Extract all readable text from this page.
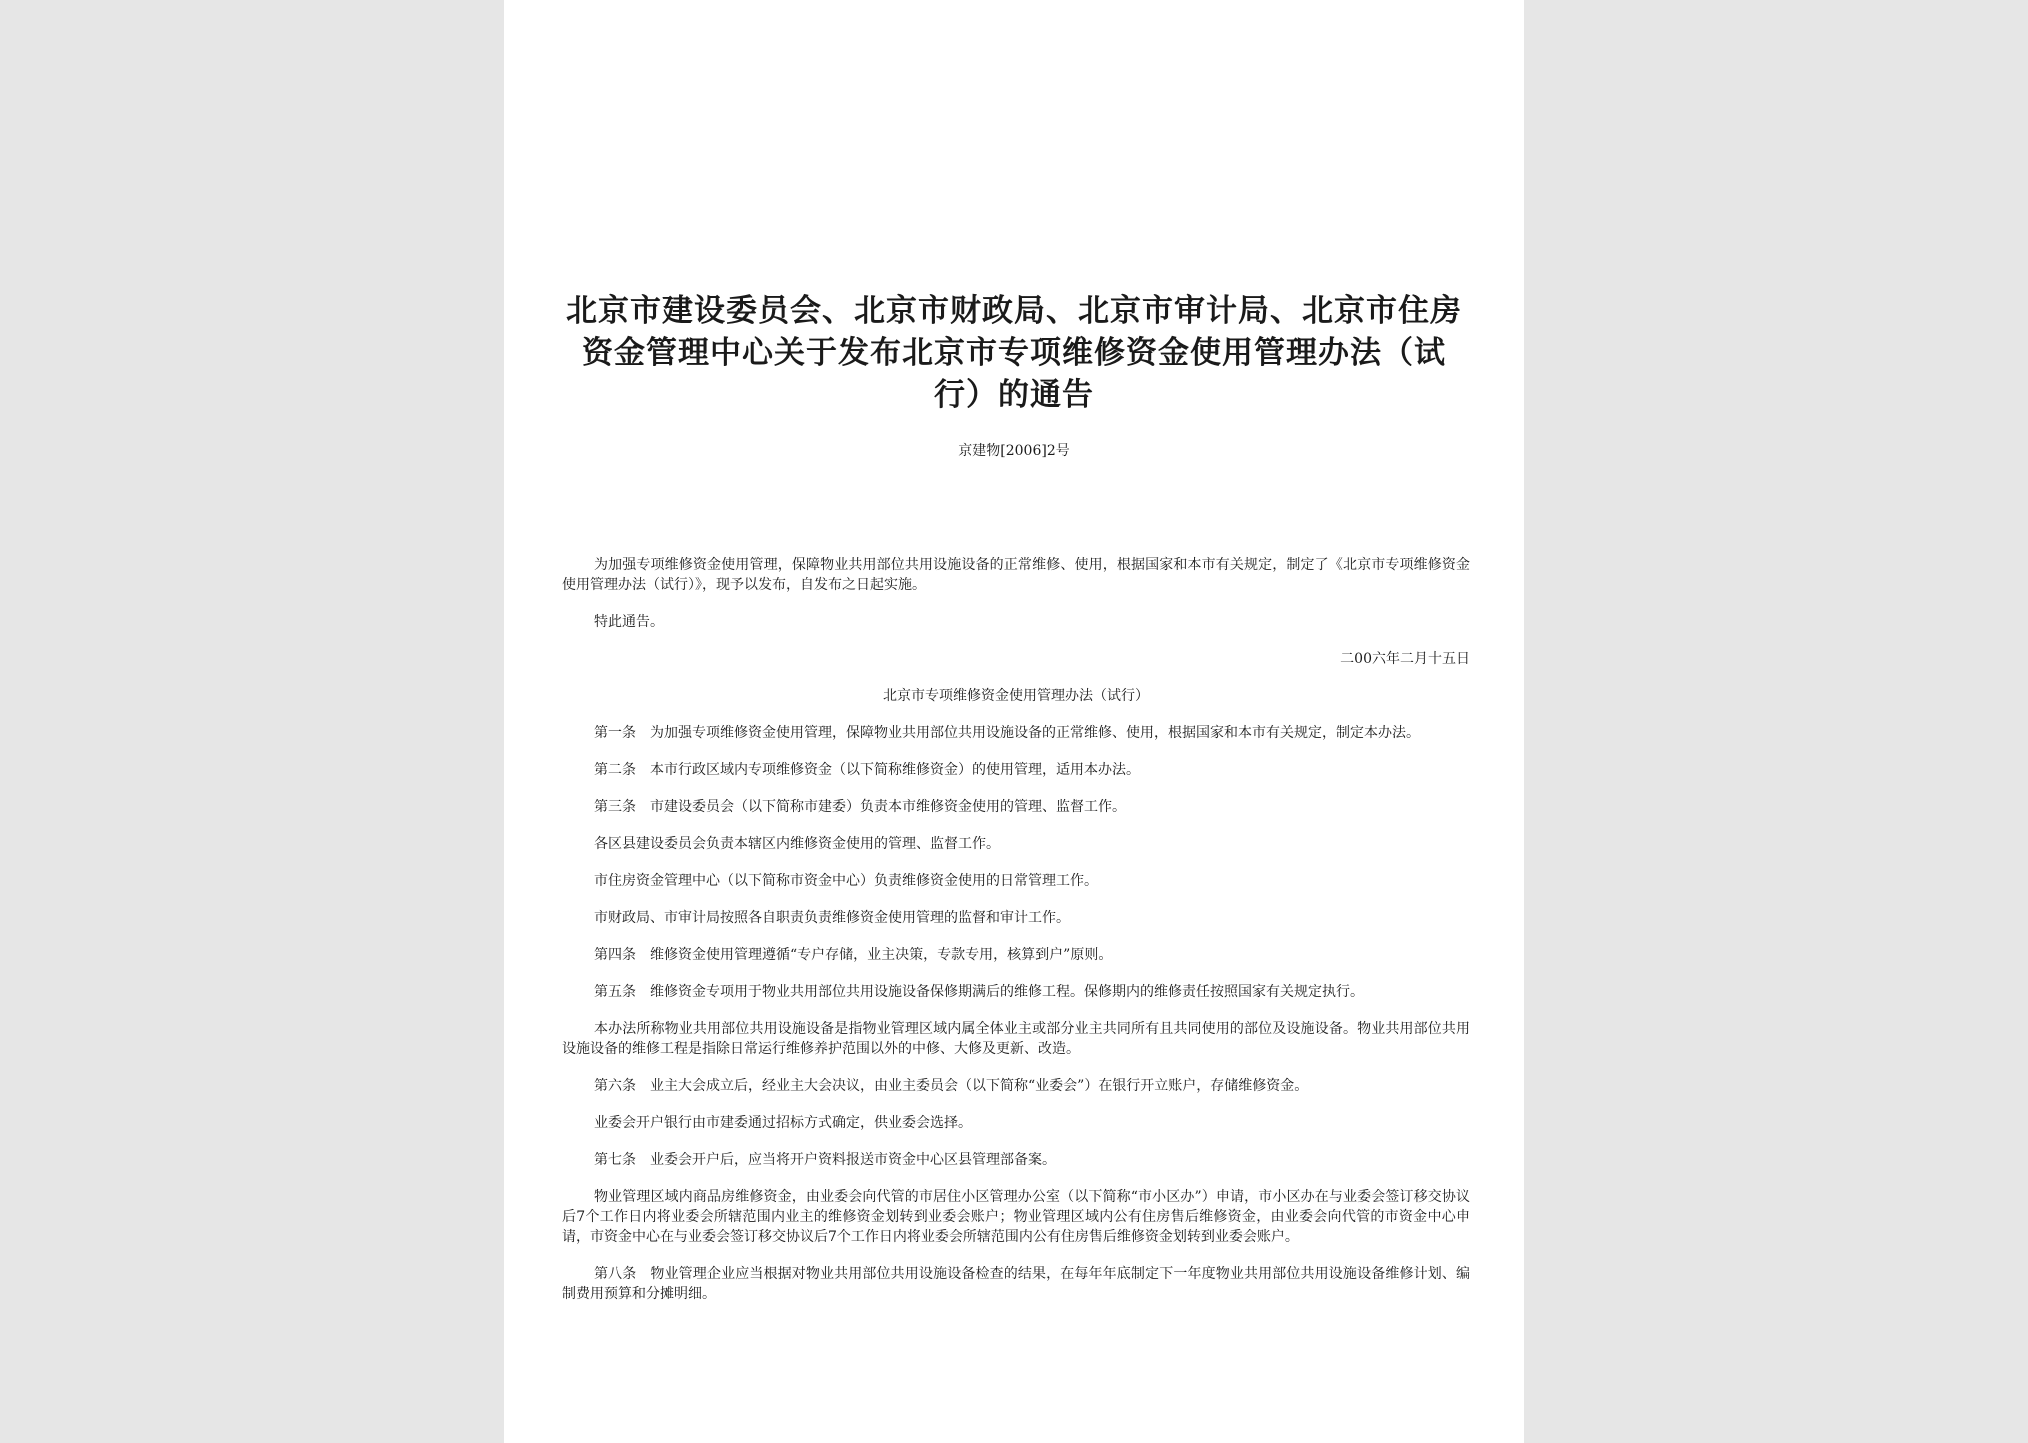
北京市建设委员会、北京市财政局、北京市审计局、北京市住房资金管理中心关于发布北京市专项维修资金使用管理办法（试行）的通告
京建物[2006]2号

为加强专项维修资金使用管理，保障物业共用部位共用设施设备的正常维修、使用，根据国家和本市有关规定，制定了《北京市专项维修资金使用管理办法（试行）》，现予以发布，自发布之日起实施。

特此通告。

二00六年二月十五日

北京市专项维修资金使用管理办法（试行）

第一条 为加强专项维修资金使用管理，保障物业共用部位共用设施设备的正常维修、使用，根据国家和本市有关规定，制定本办法。

第二条 本市行政区域内专项维修资金（以下简称维修资金）的使用管理，适用本办法。

第三条 市建设委员会（以下简称市建委）负责本市维修资金使用的管理、监督工作。

各区县建设委员会负责本辖区内维修资金使用的管理、监督工作。

市住房资金管理中心（以下简称市资金中心）负责维修资金使用的日常管理工作。

市财政局、市审计局按照各自职责负责维修资金使用管理的监督和审计工作。

第四条 维修资金使用管理遵循“专户存储，业主决策，专款专用，核算到户”原则。

第五条 维修资金专项用于物业共用部位共用设施设备保修期满后的维修工程。保修期内的维修责任按照国家有关规定执行。

本办法所称物业共用部位共用设施设备是指物业管理区域内属全体业主或部分业主共同所有且共同使用的部位及设施设备。物业共用部位共用设施设备的维修工程是指除日常运行维修养护范围以外的中修、大修及更新、改造。

第六条 业主大会成立后，经业主大会决议，由业主委员会（以下简称“业委会”）在银行开立账户，存储维修资金。

业委会开户银行由市建委通过招标方式确定，供业委会选择。

第七条 业委会开户后，应当将开户资料报送市资金中心区县管理部备案。

物业管理区域内商品房维修资金，由业委会向代管的市居住小区管理办公室（以下简称“市小区办”）申请，市小区办在与业委会签订移交协议后7个工作日内将业委会所辖范围内业主的维修资金划转到业委会账户；物业管理区域内公有住房售后维修资金，由业委会向代管的市资金中心申请，市资金中心在与业委会签订移交协议后7个工作日内将业委会所辖范围内公有住房售后维修资金划转到业委会账户。

第八条 物业管理企业应当根据对物业共用部位共用设施设备检查的结果，在每年年底制定下一年度物业共用部位共用设施设备维修计划、编制费用预算和分摊明细。
